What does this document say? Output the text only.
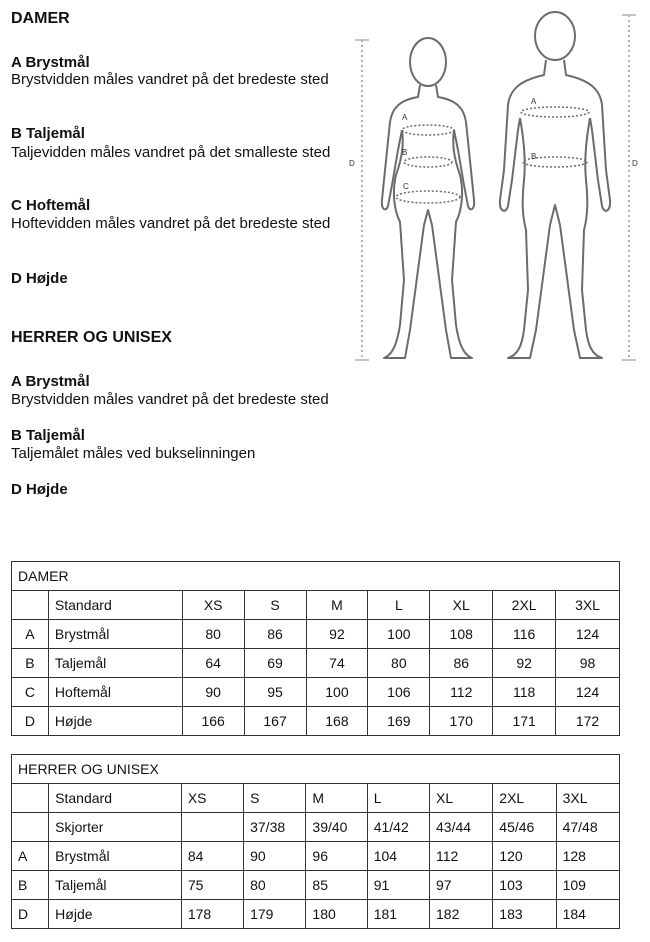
DAMER
A Brystmål
Brystvidden måles vandret på det bredeste sted
B Taljemål
Taljevidden måles vandret på det smalleste sted
C Hoftemål
Hoftevidden måles vandret på det bredeste sted
D Højde
HERRER OG UNISEX
A Brystmål
Brystvidden måles vandret på det bredeste sted
B Taljemål
Taljemålet måles ved bukselinningen
D Højde
A
B
C
A
B
D	D
DAMER								
	Standard	XS	S	M	L	XL	2XL	3XL
A	Brystmål	80	86	92	100	108	116	124
B	Taljemål	64	69	74	80	86	92	98
C	Hoftemål	90	95	100	106	112	118	124
D	Højde	166	167	168	169	170	171	172
HERRER OG UNISEX								
	Standard	XS	S	M	L	XL	2XL	3XL
	Skjorter		37/38	39/40	41/42	43/44	45/46	47/48
A	Brystmål	84	90	96	104	112	120	128
B	Taljemål	75	80	85	91	97	103	109
D	Højde	178	179	180	181	182	183	184
